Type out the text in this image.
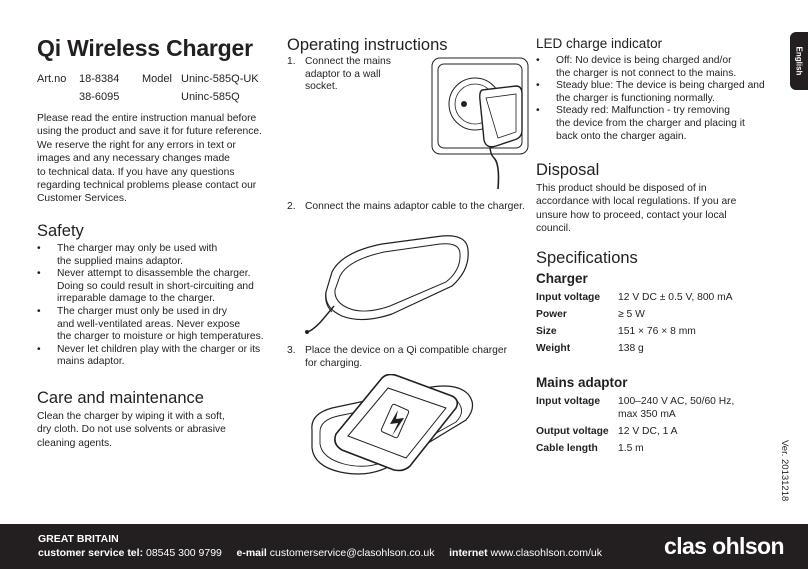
Qi Wireless Charger
Art.no 18-8384 Model Uninc-585Q-UK
38-6095	Uninc-585Q
Please read the entire instruction manual before
using the product and save it for future reference.
We reserve the right for any errors in text or
images and any necessary changes made
to technical data. If you have any questions
regarding technical problems please contact our
Customer Services.
Safety
• The charger may only be used with
the supplied mains adaptor.
• Never attempt to disassemble the charger.
Doing so could result in short-circuiting and
irreparable damage to the charger.
• The charger must only be used in dry
and well-ventilated areas. Never expose
the charger to moisture or high temperatures.
• Never let children play with the charger or its
mains adaptor.
Care and maintenance
Clean the charger by wiping it with a soft,
dry cloth. Do not use solvents or abrasive
cleaning agents.
Operating instructions
1. Connect the mains
adaptor to a wall
socket.
2. Connect the mains adaptor cable to the charger.
3. Place the device on a Qi compatible charger
for charging.
LED charge indicator
• Off: No device is being charged and/or
the charger is not connect to the mains.
• Steady blue: The device is being charged and
the charger is functioning normally.
• Steady red: Malfunction - try removing
the device from the charger and placing it
back onto the charger again.
Disposal
This product should be disposed of in
accordance with local regulations. If you are
unsure how to proceed, contact your local
council.
Specifications
Charger
Input voltage	12 V DC ± 0.5 V, 800 mA

Power	≥ 5 W

Size	151 × 76 × 8 mm

Weight	138 g
Mains adaptor
Input voltage	100–240 V AC, 50/60 Hz,
max 350 mA

Output voltage	12 V DC, 1 A

Cable length	1.5 m
English
Ver. 20131218
GREAT BRITAIN
customer service tel: 08545 300 9799 e-mail customerservice@clasohlson.co.uk internet www.clasohlson.com/uk	clas ohlson
